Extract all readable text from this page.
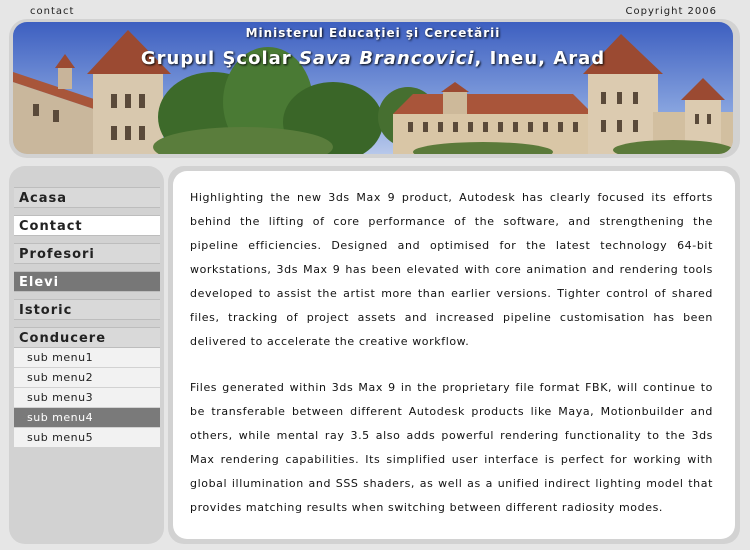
contact	Copyright 2006
Ministerul Educaţiei şi Cercetării
Grupul Şcolar Sava Brancovici, Ineu, Arad
Acasa
Contact
Profesori
Elevi
Istoric
Conducere
sub menu1
sub menu2
sub menu3
sub menu4
sub menu5

Highlighting the new 3ds Max 9 product, Autodesk has clearly focused its efforts behind the lifting of core performance of the software, and strengthening the pipeline efficiencies. Designed and optimised for the latest technology 64-bit workstations, 3ds Max 9 has been elevated with core animation and rendering tools developed to assist the artist more than earlier versions. Tighter control of shared files, tracking of project assets and increased pipeline customisation has been delivered to accelerate the creative workflow.

Files generated within 3ds Max 9 in the proprietary file format FBK, will continue to be transferable between different Autodesk products like Maya, Motionbuilder and others, while mental ray 3.5 also adds powerful rendering functionality to the 3ds Max rendering capabilities. Its simplified user interface is perfect for working with global illumination and SSS shaders, as well as a unified indirect lighting model that provides matching results when switching between different radiosity modes.
